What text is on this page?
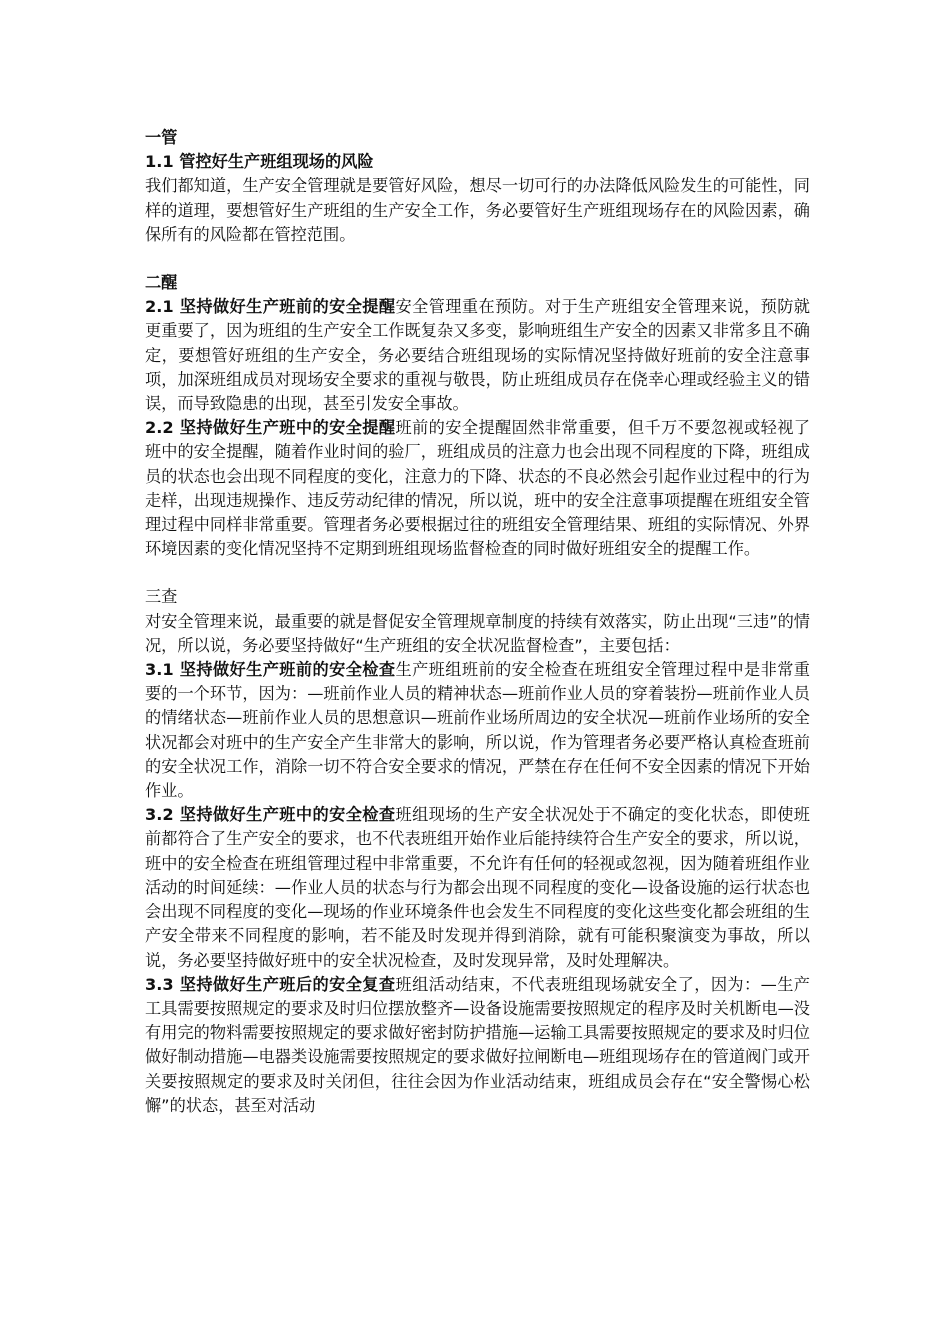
一管

1.1 管控好生产班组现场的风险

我们都知道，生产安全管理就是要管好风险，想尽一切可行的办法降低风险发生的可能性，同样的道理，要想管好生产班组的生产安全工作，务必要管好生产班组现场存在的风险因素，确保所有的风险都在管控范围。

二醒

2.1 坚持做好生产班前的安全提醒安全管理重在预防。对于生产班组安全管理来说，预防就更重要了，因为班组的生产安全工作既复杂又多变，影响班组生产安全的因素又非常多且不确定，要想管好班组的生产安全，务必要结合班组现场的实际情况坚持做好班前的安全注意事项，加深班组成员对现场安全要求的重视与敬畏，防止班组成员存在侥幸心理或经验主义的错误，而导致隐患的出现，甚至引发安全事故。

2.2 坚持做好生产班中的安全提醒班前的安全提醒固然非常重要，但千万不要忽视或轻视了班中的安全提醒，随着作业时间的验厂，班组成员的注意力也会出现不同程度的下降，班组成员的状态也会出现不同程度的变化，注意力的下降、状态的不良必然会引起作业过程中的行为走样，出现违规操作、违反劳动纪律的情况，所以说，班中的安全注意事项提醒在班组安全管理过程中同样非常重要。管理者务必要根据过往的班组安全管理结果、班组的实际情况、外界环境因素的变化情况坚持不定期到班组现场监督检查的同时做好班组安全的提醒工作。

三查

对安全管理来说，最重要的就是督促安全管理规章制度的持续有效落实，防止出现“三违”的情况，所以说，务必要坚持做好“生产班组的安全状况监督检查”，主要包括：

3.1 坚持做好生产班前的安全检查生产班组班前的安全检查在班组安全管理过程中是非常重要的一个环节，因为：—班前作业人员的精神状态—班前作业人员的穿着装扮—班前作业人员的情绪状态—班前作业人员的思想意识—班前作业场所周边的安全状况—班前作业场所的安全状况都会对班中的生产安全产生非常大的影响，所以说，作为管理者务必要严格认真检查班前的安全状况工作，消除一切不符合安全要求的情况，严禁在存在任何不安全因素的情况下开始作业。

3.2 坚持做好生产班中的安全检查班组现场的生产安全状况处于不确定的变化状态，即使班前都符合了生产安全的要求，也不代表班组开始作业后能持续符合生产安全的要求，所以说，班中的安全检查在班组管理过程中非常重要，不允许有任何的轻视或忽视，因为随着班组作业活动的时间延续：—作业人员的状态与行为都会出现不同程度的变化—设备设施的运行状态也会出现不同程度的变化—现场的作业环境条件也会发生不同程度的变化这些变化都会班组的生产安全带来不同程度的影响，若不能及时发现并得到消除，就有可能积聚演变为事故，所以说，务必要坚持做好班中的安全状况检查，及时发现异常，及时处理解决。

3.3 坚持做好生产班后的安全复查班组活动结束，不代表班组现场就安全了，因为：—生产工具需要按照规定的要求及时归位摆放整齐—设备设施需要按照规定的程序及时关机断电—没有用完的物料需要按照规定的要求做好密封防护措施—运输工具需要按照规定的要求及时归位做好制动措施—电器类设施需要按照规定的要求做好拉闸断电—班组现场存在的管道阀门或开关要按照规定的要求及时关闭但，往往会因为作业活动结束，班组成员会存在“安全警惕心松懈”的状态，甚至对活动
